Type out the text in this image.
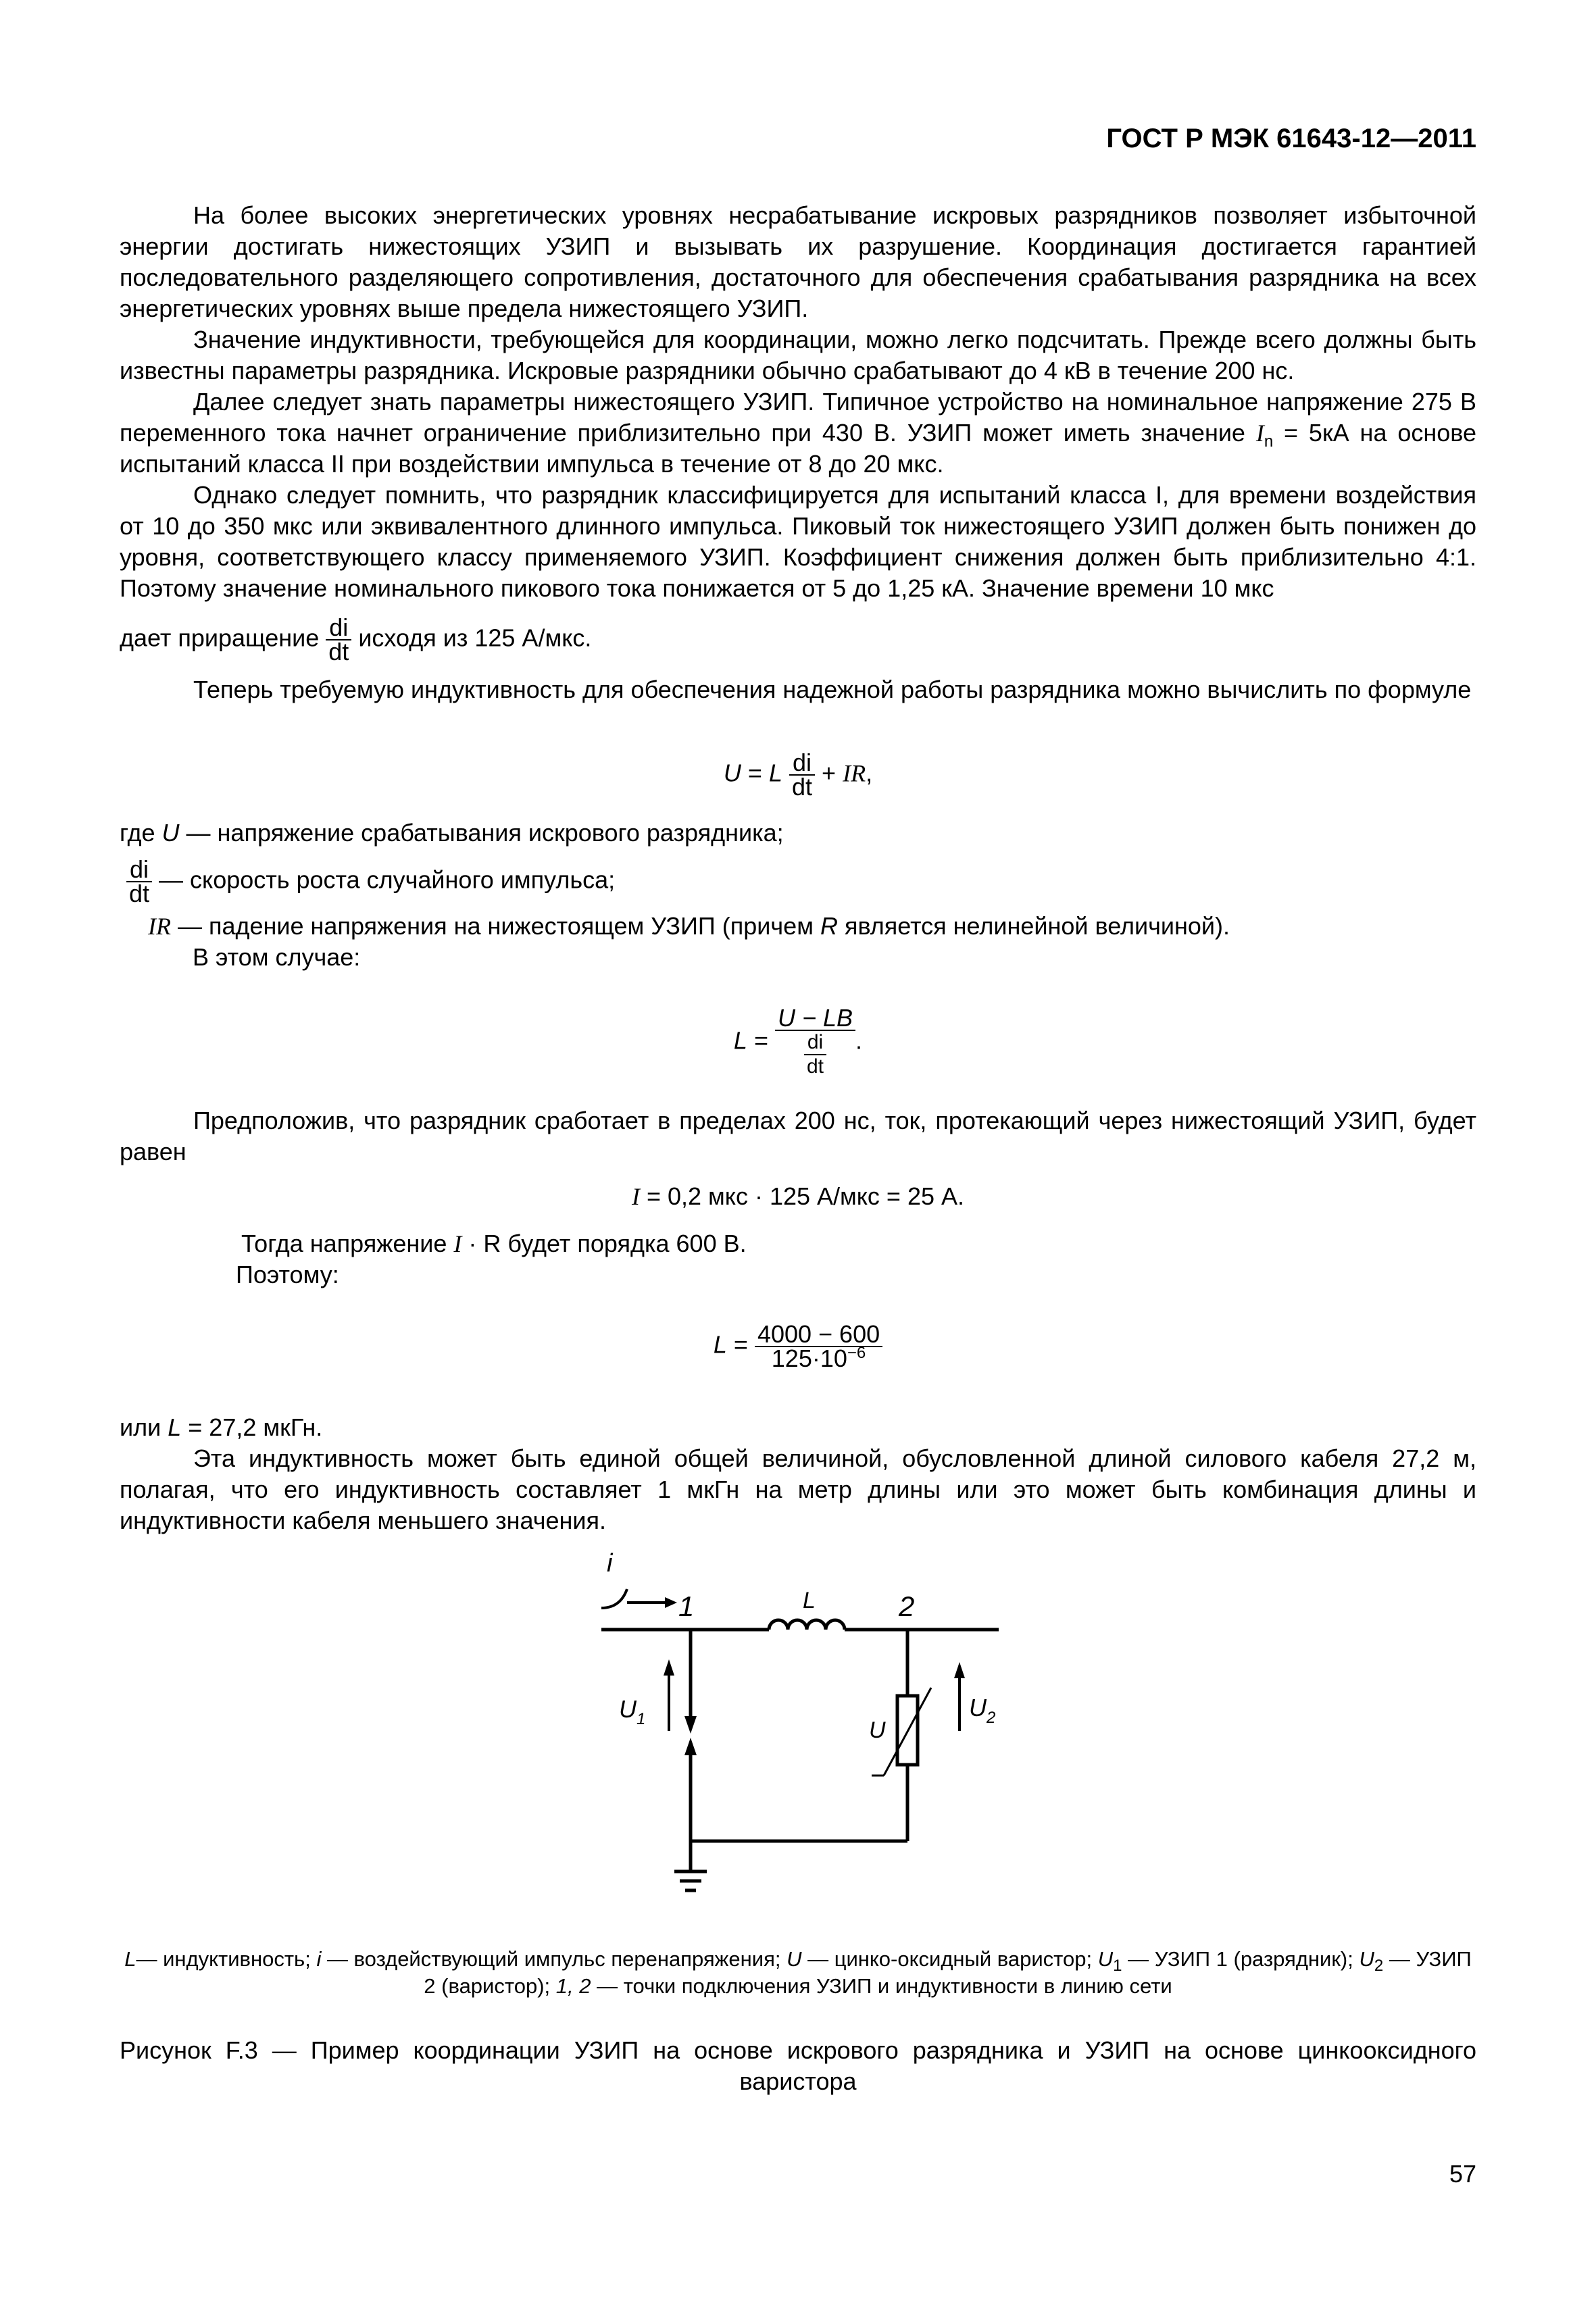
ГОСТ Р МЭК 61643-12—2011

На более высоких энергетических уровнях несрабатывание искровых разрядников позволяет избыточной энергии достигать нижестоящих УЗИП и вызывать их разрушение. Координация достигается гарантией последовательного разделяющего сопротивления, достаточного для обеспечения срабатывания разрядника на всех энергетических уровнях выше предела нижестоящего УЗИП.

Значение индуктивности, требующейся для координации, можно легко подсчитать. Прежде всего должны быть известны параметры разрядника. Искровые разрядники обычно срабатывают до 4 кВ в течение 200 нс.

Далее следует знать параметры нижестоящего УЗИП. Типичное устройство на номинальное напряжение 275 В переменного тока начнет ограничение приблизительно при 430 В. УЗИП может иметь значение $I_n = 5кА$ на основе испытаний класса II при воздействии импульса в течение от 8 до 20 мкс.

Однако следует помнить, что разрядник классифицируется для испытаний класса I, для времени воздействия от 10 до 350 мкс или эквивалентного длинного импульса. Пиковый ток нижестоящего УЗИП должен быть понижен до уровня, соответствующего классу применяемого УЗИП. Коэффициент снижения должен быть приблизительно 4:1. Поэтому значение номинального пикового тока понижается от 5 до 1,25 кА. Значение времени 10 мкс

дает приращение $\frac{di}{dt}$ исходя из 125 А/мкс.

Теперь требуемую индуктивность для обеспечения надежной работы разрядника можно вычислить по формуле

U = L $\frac{di}{dt}$ + IR,
где U — напряжение срабатывания искрового разрядника;
$\frac{di}{dt}$ — скорость роста случайного импульса;
IR — падение напряжения на нижестоящем УЗИП (причем R является нелинейной величиной).
В этом случае:
$L = \frac{U - LB}{\frac{di}{dt}}$ .

Предположив, что разрядник сработает в пределах 200 нс, ток, протекающий через нижестоящий УЗИП, будет равен

I = 0,2 мкс · 125 А/мкс = 25 А.
Тогда напряжение I · R будет порядка 600 В.
Поэтому:
$L = \frac{4000 - 600}{125\cdot 10^{-6}}$
или L = 27,2 мкГн.

Эта индуктивность может быть единой общей величиной, обусловленной длиной силового кабеля 27,2 м, полагая, что его индуктивность составляет 1 мкГн на метр длины или это может быть комбинация длины и индуктивности кабеля меньшего значения.

i
1	L	2
$U_1$	U
$U_2$
L— индуктивность; i — воздействующий импульс перенапряжения; U — цинко-оксидный варистор; $U_1$ — УЗИП 1 (разрядник); $U_2$ — УЗИП 2 (варистор); 1, 2 — точки подключения УЗИП и индуктивности в линию сети
Рисунок F.3 — Пример координации УЗИП на основе искрового разрядника и УЗИП на основе цинкооксидного варистора
57
